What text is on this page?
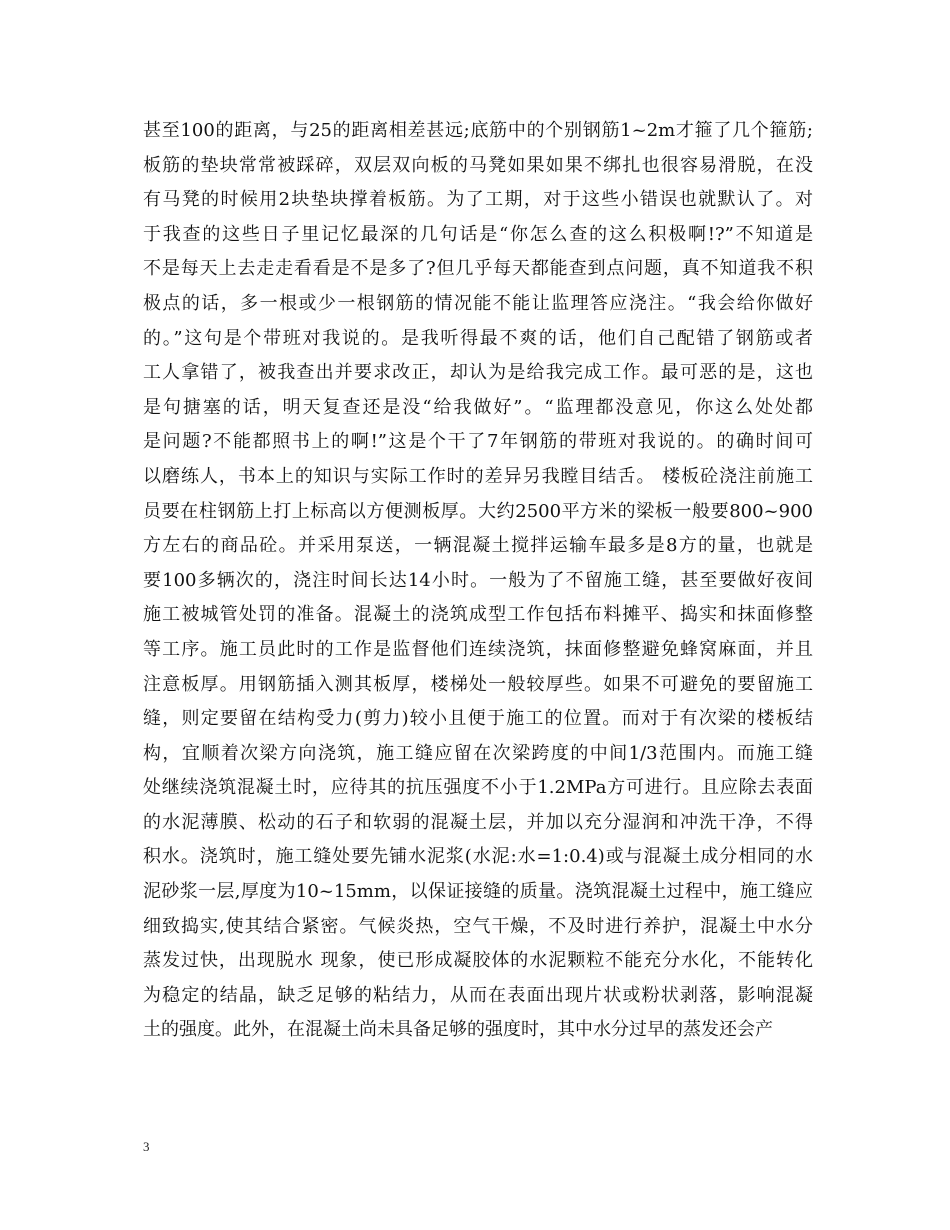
甚至100的距离，与25的距离相差甚远;底筋中的个别钢筋1~2m才箍了几个箍筋;
板筋的垫块常常被踩碎，双层双向板的马凳如果如果不绑扎也很容易滑脱，在没
有马凳的时候用2块垫块撑着板筋。为了工期，对于这些小错误也就默认了。对
于我查的这些日子里记忆最深的几句话是“你怎么查的这么积极啊!?”不知道是
不是每天上去走走看看是不是多了?但几乎每天都能查到点问题，真不知道我不积
极点的话，多一根或少一根钢筋的情况能不能让监理答应浇注。“我会给你做好
的。”这句是个带班对我说的。是我听得最不爽的话，他们自己配错了钢筋或者
工人拿错了，被我查出并要求改正，却认为是给我完成工作。最可恶的是，这也
是句搪塞的话，明天复查还是没“给我做好”。“监理都没意见，你这么处处都
是问题?不能都照书上的啊!”这是个干了7年钢筋的带班对我说的。的确时间可
以磨练人，书本上的知识与实际工作时的差异另我瞠目结舌。 楼板砼浇注前施工
员要在柱钢筋上打上标高以方便测板厚。大约2500平方米的梁板一般要800~900
方左右的商品砼。并采用泵送，一辆混凝土搅拌运输车最多是8方的量，也就是
要100多辆次的，浇注时间长达14小时。一般为了不留施工缝，甚至要做好夜间
施工被城管处罚的准备。混凝土的浇筑成型工作包括布料摊平、捣实和抹面修整
等工序。施工员此时的工作是监督他们连续浇筑，抹面修整避免蜂窝麻面，并且
注意板厚。用钢筋插入测其板厚，楼梯处一般较厚些。如果不可避免的要留施工
缝，则定要留在结构受力(剪力)较小且便于施工的位置。而对于有次梁的楼板结
构，宜顺着次梁方向浇筑，施工缝应留在次梁跨度的中间1/3范围内。而施工缝
处继续浇筑混凝土时，应待其的抗压强度不小于1.2MPa方可进行。且应除去表面
的水泥薄膜、松动的石子和软弱的混凝土层，并加以充分湿润和冲洗干净，不得
积水。浇筑时，施工缝处要先铺水泥浆(水泥:水=1:0.4)或与混凝土成分相同的水
泥砂浆一层,厚度为10~15mm，以保证接缝的质量。浇筑混凝土过程中，施工缝应
细致捣实,使其结合紧密。气候炎热，空气干燥，不及时进行养护，混凝土中水分
蒸发过快，出现脱水 现象，使已形成凝胶体的水泥颗粒不能充分水化，不能转化
为稳定的结晶，缺乏足够的粘结力，从而在表面出现片状或粉状剥落，影响混凝
土的强度。此外，在混凝土尚未具备足够的强度时，其中水分过早的蒸发还会产
3
